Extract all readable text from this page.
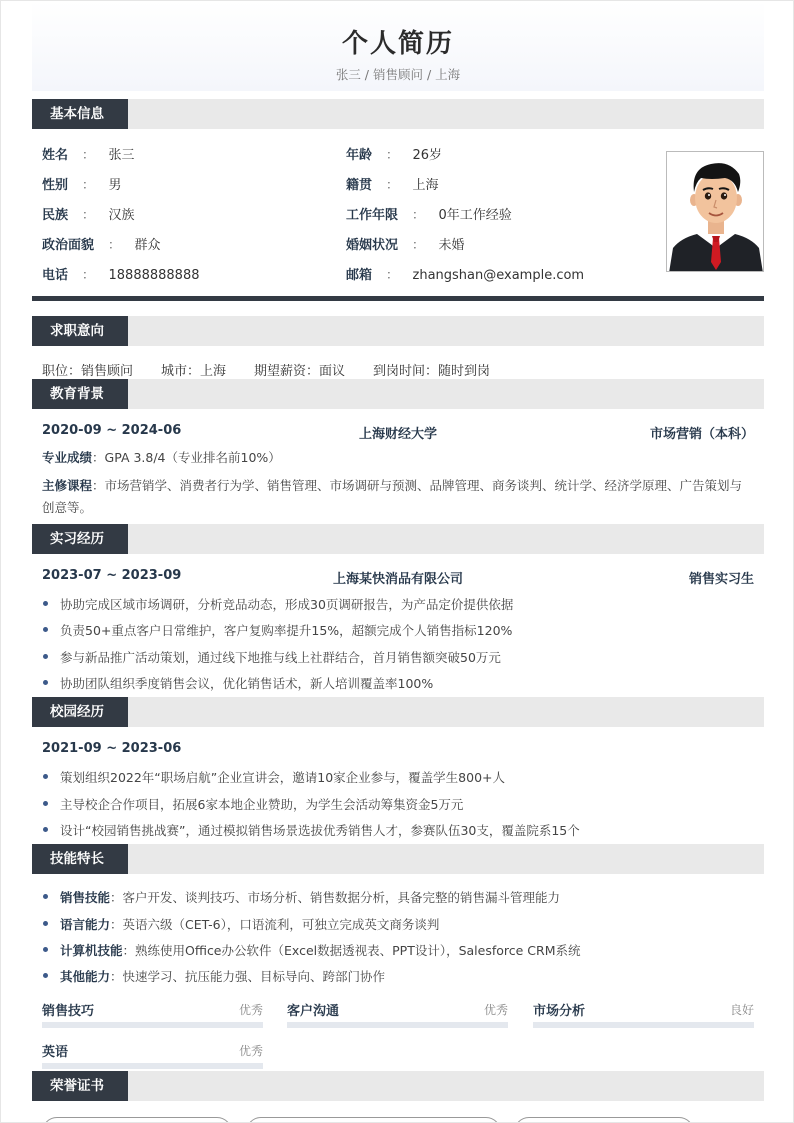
个人简历
张三 / 销售顾问 / 上海
基本信息
姓名 ： 张三
性别 ： 男
民族 ： 汉族
政治面貌 ： 群众
电话 ： 18888888888
年龄 ： 26岁
籍贯 ： 上海
工作年限 ： 0年工作经验
婚姻状况 ： 未婚
邮箱 ： zhangshan@example.com
求职意向
职位：销售顾问 城市：上海 期望薪资：面议 到岗时间：随时到岗
教育背景
2020-09 ~ 2024-06	上海财经大学	市场营销（本科）
专业成绩：GPA 3.8/4（专业排名前10%）
主修课程：市场营销学、消费者行为学、销售管理、市场调研与预测、品牌管理、商务谈判、统计学、经济学原理、广告策划与创意等。
实习经历
2023-07 ~ 2023-09	上海某快消品有限公司	销售实习生
协助完成区域市场调研，分析竞品动态，形成30页调研报告，为产品定价提供依据
负责50+重点客户日常维护，客户复购率提升15%，超额完成个人销售指标120%
参与新品推广活动策划，通过线下地推与线上社群结合，首月销售额突破50万元
协助团队组织季度销售会议，优化销售话术，新人培训覆盖率100%
校园经历
2021-09 ~ 2023-06
策划组织2022年“职场启航”企业宣讲会，邀请10家企业参与，覆盖学生800+人
主导校企合作项目，拓展6家本地企业赞助，为学生会活动筹集资金5万元
设计“校园销售挑战赛”，通过模拟销售场景选拔优秀销售人才，参赛队伍30支，覆盖院系15个
技能特长
销售技能：客户开发、谈判技巧、市场分析、销售数据分析，具备完整的销售漏斗管理能力
语言能力：英语六级（CET-6），口语流利，可独立完成英文商务谈判
计算机技能：熟练使用Office办公软件（Excel数据透视表、PPT设计），Salesforce CRM系统
其他能力：快速学习、抗压能力强、目标导向、跨部门协作
销售技巧	优秀 客户沟通	优秀 市场分析	良好
英语	优秀
荣誉证书
